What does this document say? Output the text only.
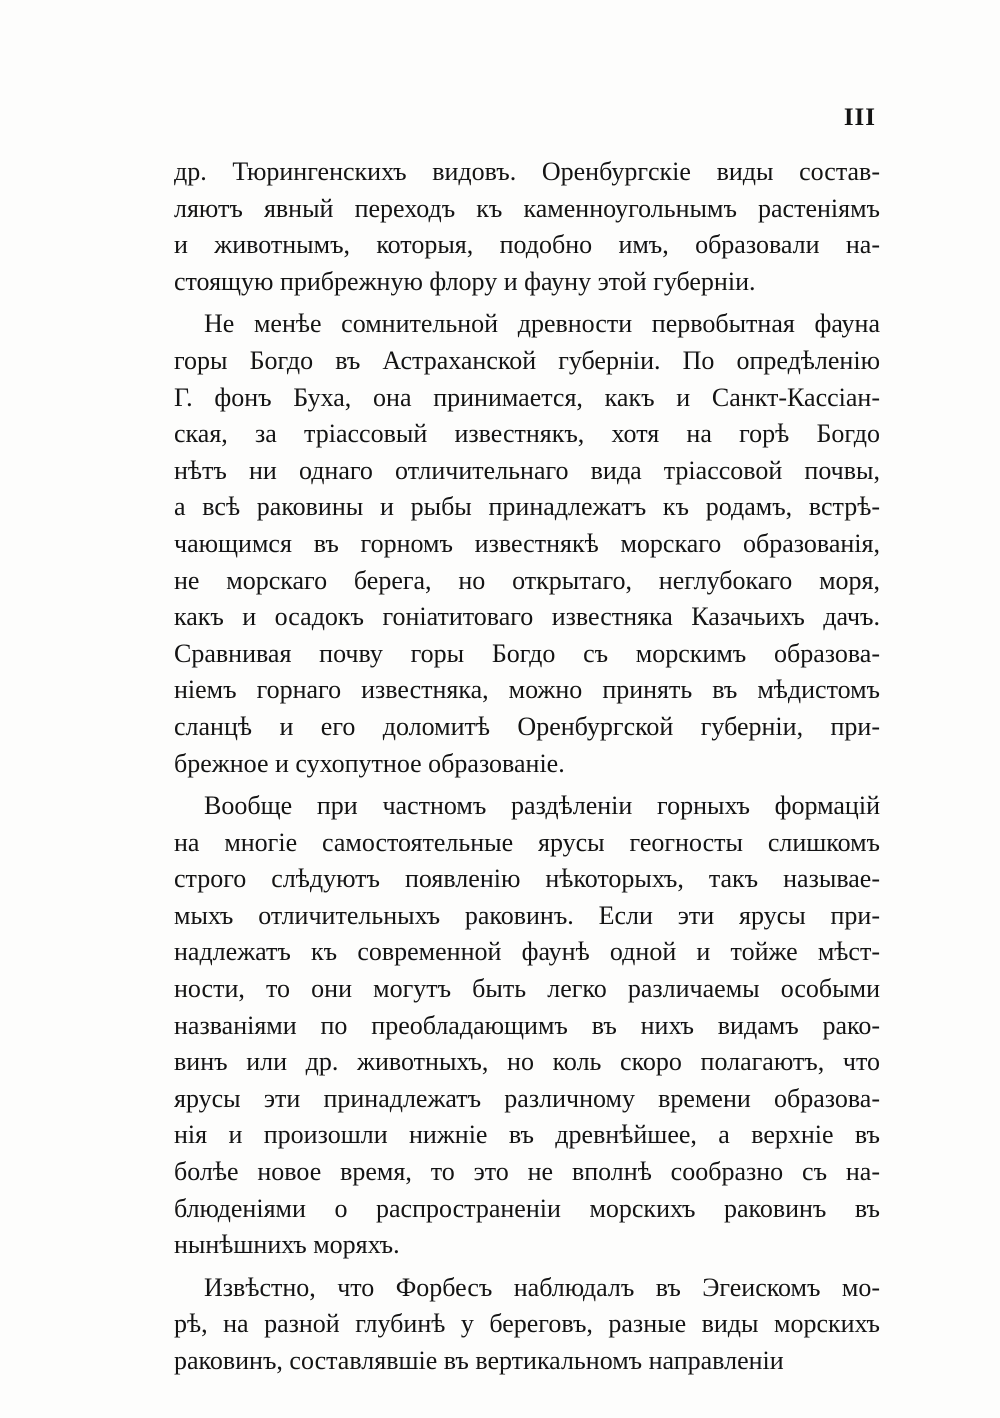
III
др. Тюрингенскихъ видовъ. Оренбургскіе виды состав-
ляютъ явный переходъ къ каменноугольнымъ растеніямъ
и животнымъ, которыя, подобно имъ, образовали на-
стоящую прибрежную флору и фауну этой губерніи.
Не менѣе сомнительной древности первобытная фауна
горы Богдо въ Астраханской губерніи. По опредѣленію
Г. фонъ Буха, она принимается, какъ и Санкт-Кассіан-
ская, за тріассовый известнякъ, хотя на горѣ Богдо
нѣтъ ни однаго отличительнаго вида тріассовой почвы,
а всѣ раковины и рыбы принадлежатъ къ родамъ, встрѣ-
чающимся въ горномъ известнякѣ морскаго образованія,
не морскаго берега, но открытаго, неглубокаго моря,
какъ и осадокъ гоніатитоваго известняка Казачьихъ дачъ.
Сравнивая почву горы Богдо съ морскимъ образова-
ніемъ горнаго известняка, можно принять въ мѣдистомъ
сланцѣ и его доломитѣ Оренбургской губерніи, при-
брежное и сухопутное образованіе.
Вообще при частномъ раздѣленіи горныхъ формацій
на многіе самостоятельные ярусы геогносты слишкомъ
строго слѣдуютъ появленію нѣкоторыхъ, такъ называе-
мыхъ отличительныхъ раковинъ. Если эти ярусы при-
надлежатъ къ современной фаунѣ одной и тойже мѣст-
ности, то они могутъ быть легко различаемы особыми
названіями по преобладающимъ въ нихъ видамъ рако-
винъ или др. животныхъ, но коль скоро полагаютъ, что
ярусы эти принадлежатъ различному времени образова-
нія и произошли нижніе въ древнѣйшее, а верхніе въ
болѣе новое время, то это не вполнѣ сообразно съ на-
блюденіями о распространеніи морскихъ раковинъ въ
нынѣшнихъ моряхъ.
Извѣстно, что Форбесъ наблюдалъ въ Эгеискомъ мо-
рѣ, на разной глубинѣ у береговъ, разные виды морскихъ
раковинъ, составлявшіе въ вертикальномъ направленіи
